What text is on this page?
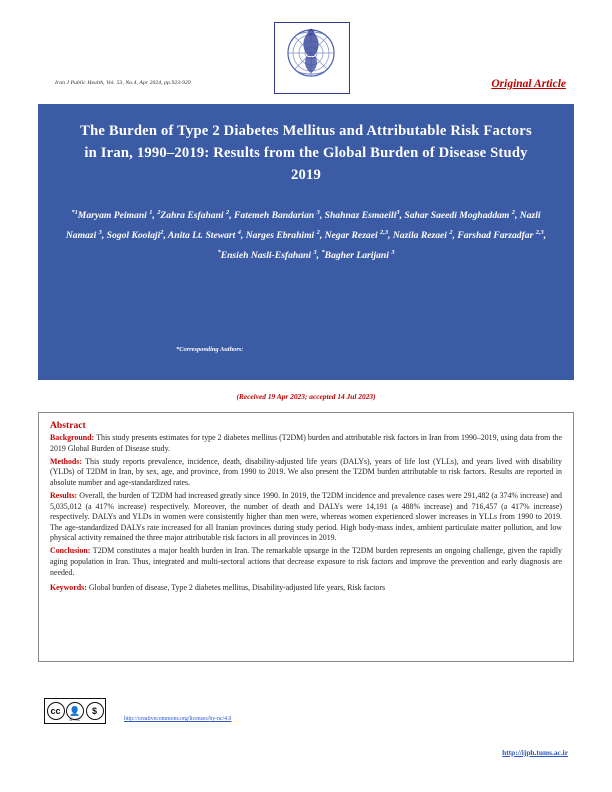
Iran J Public Health, Vol. 53, No.4, Apr 2024, pp.923-929	Original Article
The Burden of Type 2 Diabetes Mellitus and Attributable Risk Factors in Iran, 1990–2019: Results from the Global Burden of Disease Study 2019
$^{*1}$Maryam Peimani $^1$, $^2$Zahra Esfahani $^2$, Fatemeh Bandarian $^3$, Shahnaz Esmaeili$^3$, Sahar Saeedi Moghaddam $^2$, Nazli Namazi $^3$, Sogol Koolaji$^2$, Anita Lt. Stewart $^4$, Narges Ebrahimi $^2$, Negar Rezaei $^{2,3}$, Nazila Rezaei $^2$, Farshad Farzadfar $^{2,3}$, *Ensieh Nasli-Esfahani $^3$, *Bagher Larijani $^3$
*Corresponding Authors:
(Received 19 Apr 2023; accepted 14 Jul 2023)
Abstract

Background: This study presents estimates for type 2 diabetes mellitus (T2DM) burden and attributable risk factors in Iran from 1990–2019, using data from the 2019 Global Burden of Disease study.

Methods: This study reports prevalence, incidence, death, disability-adjusted life years (DALYs), years of life lost (YLLs), and years lived with disability (YLDs) of T2DM in Iran, by sex, age, and province, from 1990 to 2019. We also present the T2DM burden attributable to risk factors. Results are reported in absolute number and age-standardized rates.

Results: Overall, the burden of T2DM had increased greatly since 1990. In 2019, the T2DM incidence and prevalence cases were 291,482 (a 374% increase) and 5,035,012 (a 417% increase) respectively. Moreover, the number of death and DALYs were 14,191 (a 488% increase) and 716,457 (a 417% increase) respectively. DALYs and YLDs in women were consistently higher than men were, whereas women experienced slower increases in YLLs from 1990 to 2019. The age-standardized DALYs rate increased for all Iranian provinces during study period. High body-mass index, ambient particulate matter pollution, and low physical activity remained the three major attributable risk factors in all provinces in 2019.

Conclusion: T2DM constitutes a major health burden in Iran. The remarkable upsurge in the T2DM burden represents an ongoing challenge, given the rapidly aging population in Iran. Thus, integrated and multi-sectoral actions that decrease exposure to risk factors and improve the prevention and early diagnosis are needed.

Keywords: Global burden of disease, Type 2 diabetes mellitus, Disability-adjusted life years, Risk factors
cc 👤	$
BY NC	http://creativecommons.org/licenses/by-nc/4.0
http://ijph.tums.ac.ir
